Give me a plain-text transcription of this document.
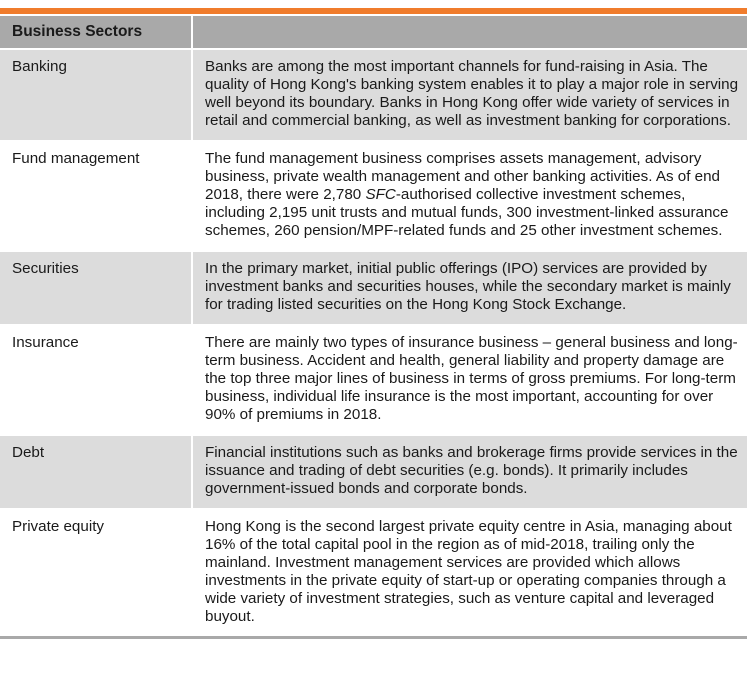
Business Sectors	
Banking	Banks are among the most important channels for fund-raising in Asia. The quality of Hong Kong's banking system enables it to play a major role in serving well beyond its boundary. Banks in Hong Kong offer wide variety of services in retail and commercial banking, as well as investment banking for corporations.

Fund management	The fund management business comprises assets management, advisory business, private wealth management and other banking activities. As of end 2018, there were 2,780 SFC-authorised collective investment schemes, including 2,195 unit trusts and mutual funds, 300 investment-linked assurance schemes, 260 pension/MPF-related funds and 25 other investment schemes.

Securities	In the primary market, initial public offerings (IPO) services are provided by investment banks and securities houses, while the secondary market is mainly for trading listed securities on the Hong Kong Stock Exchange.

Insurance	There are mainly two types of insurance business – general business and long-term business. Accident and health, general liability and property damage are the top three major lines of business in terms of gross premiums. For long-term business, individual life insurance is the most important, accounting for over 90% of premiums in 2018.

Debt	Financial institutions such as banks and brokerage firms provide services in the issuance and trading of debt securities (e.g. bonds). It primarily includes government-issued bonds and corporate bonds.

Private equity	Hong Kong is the second largest private equity centre in Asia, managing about 16% of the total capital pool in the region as of mid-2018, trailing only the mainland. Investment management services are provided which allows investments in the private equity of start-up or operating companies through a wide variety of investment strategies, such as venture capital and leveraged buyout.
